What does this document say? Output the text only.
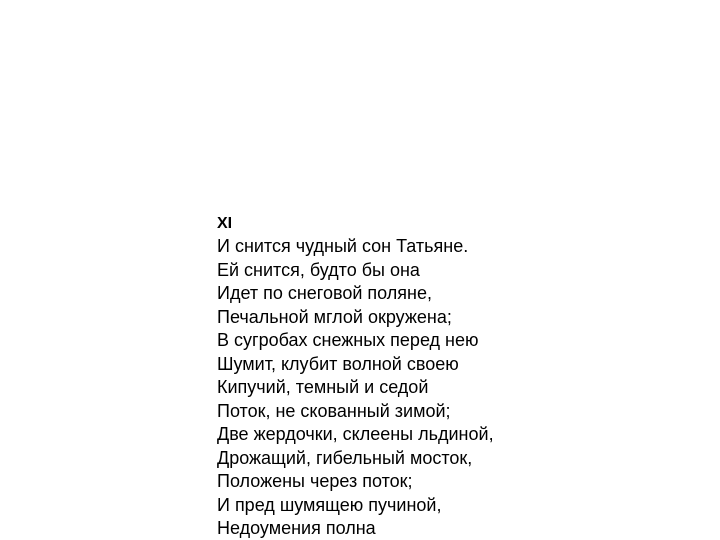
XI
И снится чудный сон Татьяне.
Ей снится, будто бы она
Идет по снеговой поляне,
Печальной мглой окружена;
В сугробах снежных перед нею
Шумит, клубит волной своею
Кипучий, темный и седой
Поток, не скованный зимой;
Две жердочки, склеены льдиной,
Дрожащий, гибельный мосток,
Положены через поток;
И пред шумящею пучиной,
Недоумения полна
